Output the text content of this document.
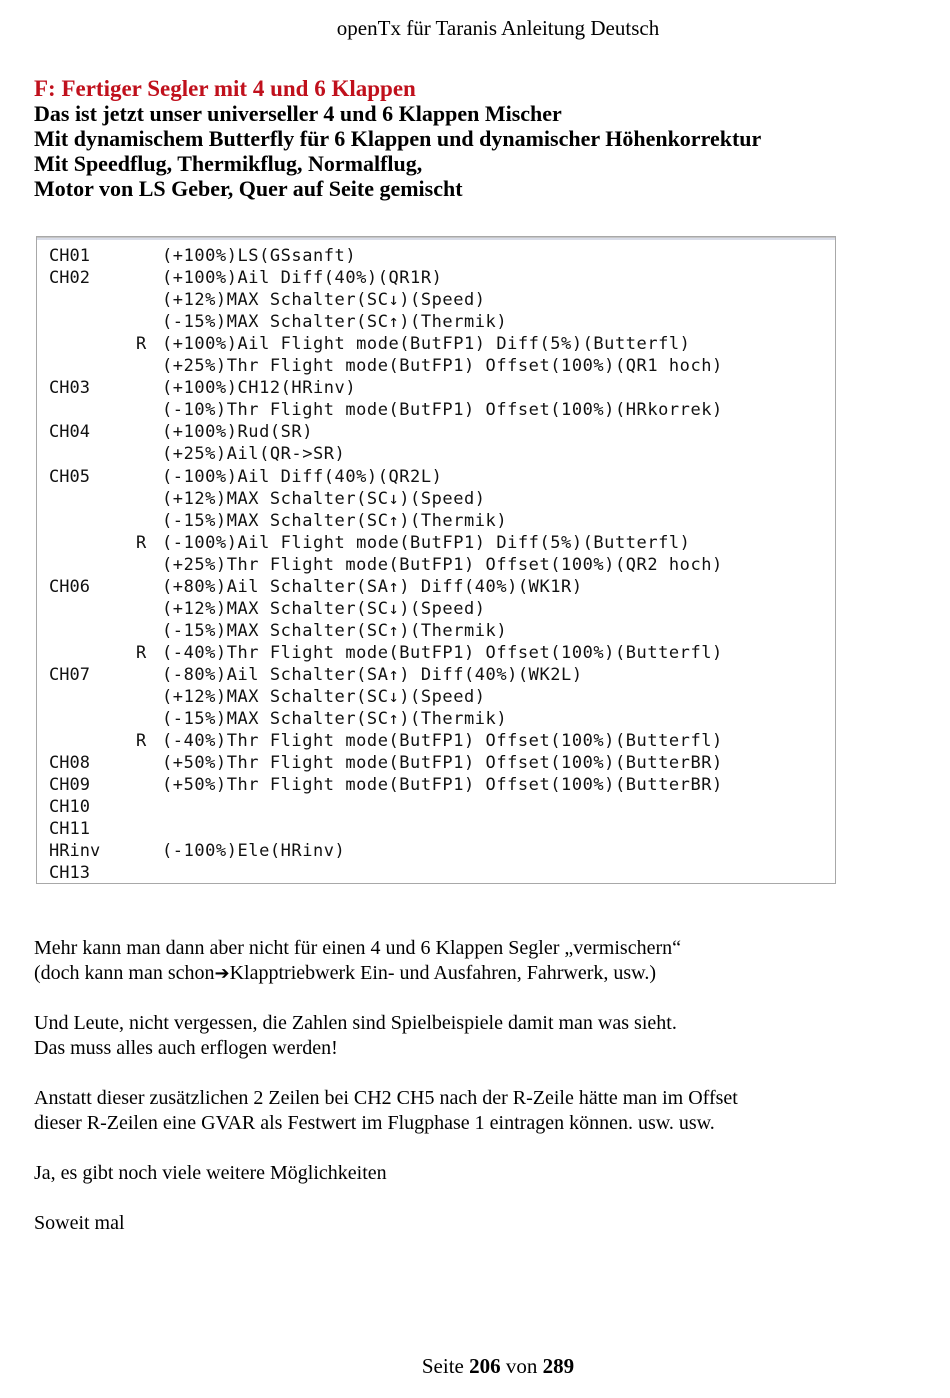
openTx für Taranis Anleitung Deutsch
F: Fertiger Segler mit 4 und 6 Klappen
Das ist jetzt unser universeller 4 und 6 Klappen Mischer
Mit dynamischem Butterfly für 6 Klappen und dynamischer Höhenkorrektur
Mit Speedflug, Thermikflug, Normalflug,
Motor von LS Geber, Quer auf Seite gemischt
CH01	(+100%)LS(GSsanft)
CH02	(+100%)Ail Diff(40%)(QR1R)
(+12%)MAX Schalter(SC↓)(Speed)
(-15%)MAX Schalter(SC↑)(Thermik)
R (+100%)Ail Flight mode(ButFP1) Diff(5%)(Butterfl)
(+25%)Thr Flight mode(ButFP1) Offset(100%)(QR1 hoch)
CH03	(+100%)CH12(HRinv)
(-10%)Thr Flight mode(ButFP1) Offset(100%)(HRkorrek)
CH04	(+100%)Rud(SR)
(+25%)Ail(QR->SR)
CH05	(-100%)Ail Diff(40%)(QR2L)
(+12%)MAX Schalter(SC↓)(Speed)
(-15%)MAX Schalter(SC↑)(Thermik)
R (-100%)Ail Flight mode(ButFP1) Diff(5%)(Butterfl)
(+25%)Thr Flight mode(ButFP1) Offset(100%)(QR2 hoch)
CH06	(+80%)Ail Schalter(SA↑) Diff(40%)(WK1R)
(+12%)MAX Schalter(SC↓)(Speed)
(-15%)MAX Schalter(SC↑)(Thermik)
R (-40%)Thr Flight mode(ButFP1) Offset(100%)(Butterfl)
CH07	(-80%)Ail Schalter(SA↑) Diff(40%)(WK2L)
(+12%)MAX Schalter(SC↓)(Speed)
(-15%)MAX Schalter(SC↑)(Thermik)
R (-40%)Thr Flight mode(ButFP1) Offset(100%)(Butterfl)
CH08	(+50%)Thr Flight mode(ButFP1) Offset(100%)(ButterBR)
CH09	(+50%)Thr Flight mode(ButFP1) Offset(100%)(ButterBR)
CH10
CH11
HRinv	(-100%)Ele(HRinv)
CH13
Mehr kann man dann aber nicht für einen 4 und 6 Klappen Segler „vermischern“
(doch kann man schon➔Klapptriebwerk Ein- und Ausfahren, Fahrwerk, usw.)
Und Leute, nicht vergessen, die Zahlen sind Spielbeispiele damit man was sieht.
Das muss alles auch erflogen werden!
Anstatt dieser zusätzlichen 2 Zeilen bei CH2 CH5 nach der R-Zeile hätte man im Offset
dieser R-Zeilen eine GVAR als Festwert im Flugphase 1 eintragen können. usw. usw.
Ja, es gibt noch viele weitere Möglichkeiten
Soweit mal
Seite 206 von 289
